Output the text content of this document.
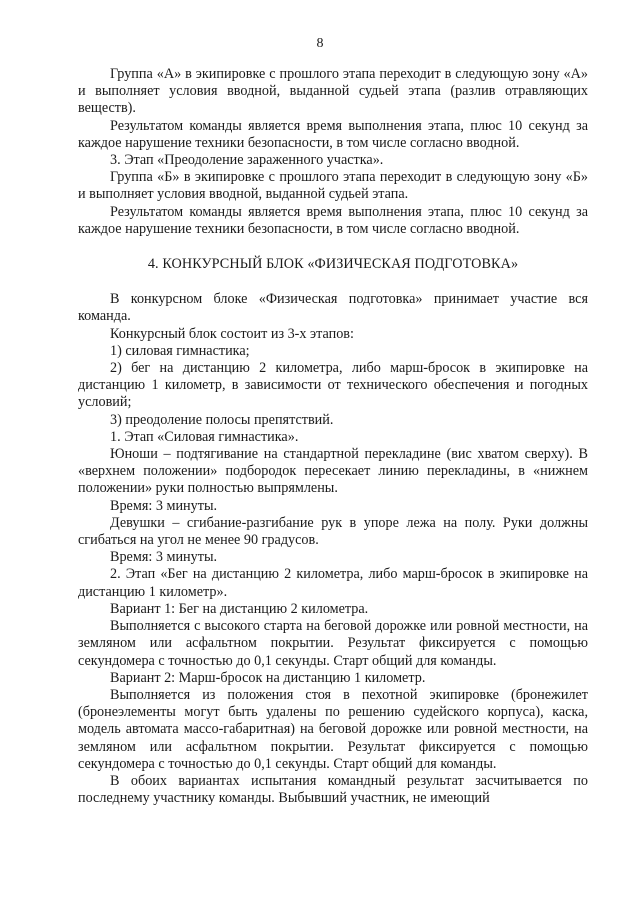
8

Группа «А» в экипировке с прошлого этапа переходит в следующую зону «А» и выполняет условия вводной, выданной судьей этапа (разлив отравляющих веществ).

Результатом команды является время выполнения этапа, плюс 10 секунд за каждое нарушение техники безопасности, в том числе согласно вводной.

3. Этап «Преодоление зараженного участка».

Группа «Б» в экипировке с прошлого этапа переходит в следующую зону «Б» и выполняет условия вводной, выданной судьей этапа.

Результатом команды является время выполнения этапа, плюс 10 секунд за каждое нарушение техники безопасности, в том числе согласно вводной.

4. КОНКУРСНЫЙ БЛОК «ФИЗИЧЕСКАЯ ПОДГОТОВКА»

В конкурсном блоке «Физическая подготовка» принимает участие вся команда.

Конкурсный блок состоит из 3-х этапов:

1) силовая гимнастика;

2) бег на дистанцию 2 километра, либо марш-бросок в экипировке на дистанцию 1 километр, в зависимости от технического обеспечения и погодных условий;

3) преодоление полосы препятствий.

1. Этап «Силовая гимнастика».

Юноши – подтягивание на стандартной перекладине (вис хватом сверху). В «верхнем положении» подбородок пересекает линию перекладины, в «нижнем положении» руки полностью выпрямлены.

Время: 3 минуты.

Девушки – сгибание-разгибание рук в упоре лежа на полу. Руки должны сгибаться на угол не менее 90 градусов.

Время: 3 минуты.

2. Этап «Бег на дистанцию 2 километра, либо марш-бросок в экипировке на дистанцию 1 километр».

Вариант 1: Бег на дистанцию 2 километра.

Выполняется с высокого старта на беговой дорожке или ровной местности, на земляном или асфальтном покрытии. Результат фиксируется с помощью секундомера с точностью до 0,1 секунды. Старт общий для команды.

Вариант 2: Марш-бросок на дистанцию 1 километр.

Выполняется из положения стоя в пехотной экипировке (бронежилет (бронеэлементы могут быть удалены по решению судейского корпуса), каска, модель автомата массо-габаритная) на беговой дорожке или ровной местности, на земляном или асфальтном покрытии. Результат фиксируется с помощью секундомера с точностью до 0,1 секунды. Старт общий для команды.

В обоих вариантах испытания командный результат засчитывается по последнему участнику команды. Выбывший участник, не имеющий
